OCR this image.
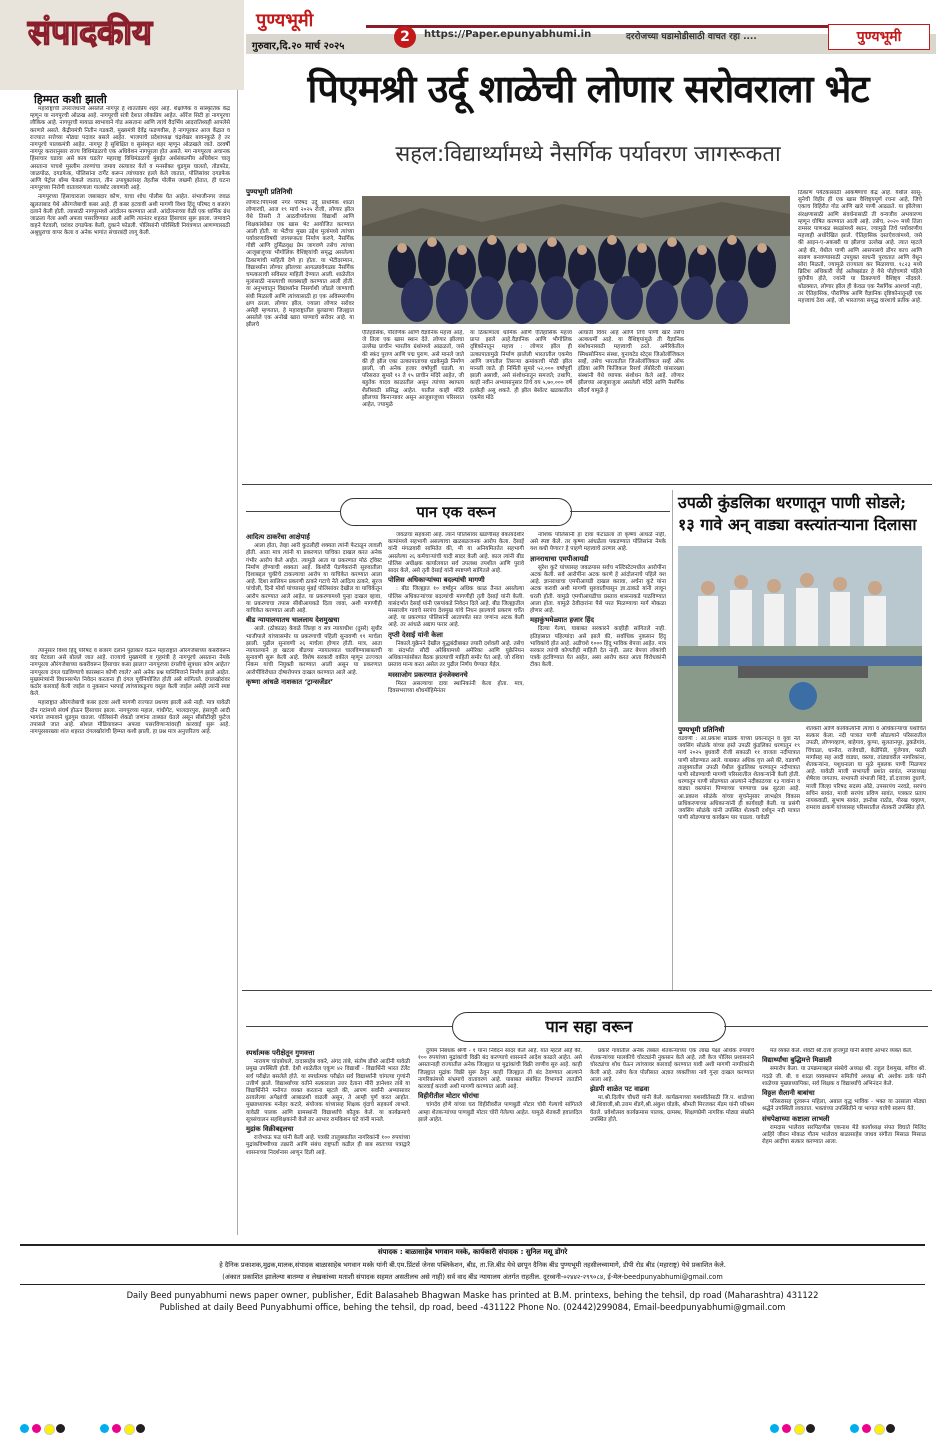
संपादकीय	पुण्यभूमी
गुरुवार,दि.२० मार्च २०२५
2	https://Paper.epunyabhumi.in	दररोजच्या घडामोडीसाठी वाचत रहा ....	पुण्यभूमी
हिम्मत कशी झाली

महाराष्ट्राची उपराजधानी असलेले नागपूर हे शांततप्रिय शहर आहे. शैक्षणिक व सांस्कृतिक केंद्र म्हणून या नागपूरची ओळख आहे. नागपूरची संत्री देशात लोकप्रिय आहेत. ऑरेंज सिटी हा नागपूरचा लौकिक आहे. नागपूरची मायाळ स्वभावाने गोड असताना आणि त्यांचे वैदर्भिय आदरातिथ्यही आपलेसे करणारे असते. केंद्रीयमंत्री नितीन गडकरी, मुख्यमंत्री देवेंद्र फडणवीस, हे नागपूरकर आज केंद्रात व राज्यात सत्तेच्या मोठ्या पदावर बसले आहेत. भाजपाचे प्रदेशाध्यक्ष चंद्रशेखर बावनकुळे हे तर नागपूरचे पालकमंत्री आहेत. नागपूर हे सुशिक्षित व सुसंस्कृत शहर म्हणून ओळखले जाते. दरवर्षी नागपूर करारानुसार राज्य विधिमंडळाचे एक अधिवेशन नागपूरला होत असते. मग नागपूरला अचानक हिंसाचार घडावा असे काय घडले? महाराष्ट्र विधिमंडळाचे मुंबईत अर्थसंकल्पीय अधिवेशन चालू असताना पाचशे मुस्लीम तरुणांचा जमाव रस्त्यावर येतो व मनसोक्त धुडगूस घालतो, तोडफोड, जाळपोळ, दगडफेक, पोलिसांना टार्गेट करून त्यांच्यावर हल्ले केले जातात, पोलिसांवर दगडफेक आणि पेट्रोल बॉम्ब फेकले जातात, तीन उपायुक्तांसह तेहतीस पोलीस जखमी होतात, ही घटना नागपूरच्या निरोगी वातावरणाला गालबोट लावणारी आहे.

नागपूरच्या हिंसाचाराला जबाबदार कोण, याचा शोध पोलीस घेत आहेत. संभाजीनगर जवळ खुलताबाद येथे औरंगजेबाची कबर आहे. ही कबर हटवावी अशी मागणी विश्व हिंदू परिषद व बजरंग दलाने केली होती. त्यासाठी नागपूरमध्ये आंदोलन करण्यात आले. आंदोलनाच्या वेळी एक धार्मिक ग्रंथ जाळला गेला अशी अफवा पसरविण्यात आली आणि त्यानंतर शहरात हिंसाचार सुरू झाला. जमावाने वाहने पेटवली, घरांवर दगडफेक केली, दुकाने फोडली. पोलिसांनी परिस्थिती नियंत्रणात आणण्यासाठी अश्रुधुराचा वापर केला व अनेक भागांत संचारबंदी लागू केली.

त्यानुसार विश्व हिंदू परिषद व बजरंग दलाने पुढाकार घेऊन महाराष्ट्रात औरंगजेबाच्या कबरीवरून वाद पेटवला असे बोलले जात आहे. राज्याचे मुख्यमंत्री व गृहमंत्री हे नागपूरचे असताना नेमके नागपूरला औरंगजेबाच्या कबरीवरून हिंसाचार कसा झाला? नागपूरच्या दंगलीचे सूत्रधार कोण आहेत? नागपूरला दंगल घडविण्याचे कारस्थान कोणी रचले? असे अनेक प्रश्न यानिमित्ताने निर्माण झाले आहेत. मुख्यमंत्र्यांनी विधानसभेत निवेदन करताना ही दंगल पूर्वनियोजित होती असे सांगितले. दंगलखोरांवर कठोर कारवाई केली जाईल व नुकसान भरपाई त्यांच्याकडूनच वसूल केली जाईल असेही त्यांनी स्पष्ट केले.

महाराष्ट्रात औरंगजेबाची कबर हटवा अशी मागणी राज्यात प्रथमच झाली असे नाही. मात्र यावेळी दोन गटांमध्ये संघर्ष होऊन हिंसाचार झाला. नागपूरच्या महाल, गांधीगेट, भालदारपुरा, हंसापुरी आदी भागांत जमावाने धुडगूस घातला. पोलिसांनी शेकडो जणांना ताब्यात घेतले असून सीसीटीव्ही फुटेज तपासले जात आहे. सोशल मीडियावरून अफवा पसरविणाऱ्यांवरही कारवाई सुरू आहे. नागपूरसारख्या शांत शहरात दंगलखोरांची हिम्मत कशी झाली, हा प्रश्न मात्र अनुत्तरितच आहे.

पिएमश्री उर्दू शाळेची लोणार सरोवराला भेट
सहल:विद्यार्थ्यांमध्ये नैसर्गिक पर्यावरण जागरूकता
पुण्यभूमी प्रतिनिधी
लोणार:पिएमश्री नगर परिषद उर्दू प्राथमिक शाळा लोणारची, आज १९ मार्च २०२५ रोजी, लोणार झील येथे तिसरी ते आठवीपर्यंतच्या विद्यार्थी आणि शिक्षकांसोबत एक खास भेट आयोजित करण्यात आली होती. या भेटीचा मुख्य उद्देश मुलांमध्ये त्यांच्या पर्यावरणाविषयी जागरूकता निर्माण करणे, नैसर्गिक गोष्टी आणि दुर्मिळवृक्ष प्रेम जागवणे तसेच त्यांच्या आजूबाजूच्या भौगोलिक वैशिष्ट्यांची समृद्ध असलेल्या ठिकाणांची माहिती देणे हा होता. या भेटीदरम्यान, विद्यार्थ्यांना लोणार झीलच्या आगळ्यावेगळ्या नैसर्गिक चमत्काराची सविस्तर माहिती देण्यात आली. शाळेतील मुलांसाठी नास्त्याची व्यवस्थाही करण्यात आली होती. या अनुभवातून विद्यार्थ्यांना निसर्गाशी जोडले जाण्याची संधी मिळाली आणि त्यांच्यासाठी हा एक अविस्मरणीय क्षण ठरला. लोणार झील, ज्याला लोणार सरोवर असेही म्हणतात, हे महाराष्ट्रातील बुलढाणा जिल्ह्यात असलेले एक अनोखे खारा पाण्याचे सरोवर आहे. या झीलचे
ऐतिहासिक, पौराणिक आणि वैज्ञानिक महत्त्व आहे, जे तिला एक खास स्थान देते. लोणार झीलचा उल्लेख प्राचीन भारतीय ग्रंथांमध्ये आढळतो, जसे की स्कंद पुराण आणि पद्म पुराण. असे मानले जाते की ही झील एका उल्कापाताच्या धडकेमुळे निर्माण झाली, जी अनेक हजार वर्षांपूर्वी घडली. या परिसरात सुमारे १२ ते १५ प्राचीन मंदिरे आहेत, जी बहुतेक यादव काळातील असून त्यांच्या स्थापत्य शैलीसाठी प्रसिद्ध आहेत. यातील काही मंदिरे झीलच्या किनाऱ्यावर असून आजूबाजूच्या परिसरात आहेत, ज्यामुळे
या ठिकाणाला धार्मिक आणि ऐतिहासिक महत्त्व प्राप्त झाले आहे.वैज्ञानिक आणि भौगोलिक दृष्टिकोनातून महत्त्व : लोणार झील ही उल्कापातामुळे निर्माण झालेली भारतातील एकमेव आणि जगातील तिसऱ्या क्रमांकाची मोठी झील मानली जाते. ही निर्मिती सुमारे ५२,००० वर्षांपूर्वी झाली असावी, असे संशोधनातून समजते; तथापि, काही नवीन अभ्यासानुसार तिचे वय ५,७०,००० वर्षे इतकेही असू शकते. ही झील बेसॉल्ट खडकातील एकमेव मोठे
आघाती विवर आहे आणि तिचे पाणी खारे तसेच अल्कधर्मी आहे. या वैशिष्ट्यांमुळे ती वैज्ञानिक संशोधनासाठी महत्त्वाची ठरते. अमेरिकेतील स्मिथसोनियन संस्था, युनायटेड स्टेट्स जिओलॉजिकल सर्व्हे, तसेच भारतातील जिओलॉजिकल सर्व्हे ऑफ इंडिया आणि फिजिकल रिसर्च लॅबोरेटरी यांसारख्या संस्थांनी येथे व्यापक संशोधन केले आहे. लोणार झीलच्या आजूबाजूला असलेली मंदिरे आणि नैसर्गिक सौंदर्य यामुळे हे
ठिकाण पर्यटकांसाठी आकर्षणाचे केंद्र आहे. येथील सासू-सुनेची विहीर ही एक खास वैशिष्ट्यपूर्ण रचना आहे, जिचे एकाच विहिरीत गोड आणि खारे पाणी आढळते. या झीलेच्या संरक्षणासाठी आणि संवर्धनासाठी ती वन्यजीव अभयारण्य म्हणून घोषित करण्यात आली आहे. तसेच, २०२० मध्ये तिला रामसर पाणथळ स्थळांमध्ये स्थान, ज्यामुळे तिचे पर्यावरणीय महत्त्वही अधोरेखित झाले. ऐतिहासिक दस्तऐवजांमध्ये, जसे की आइन-ए-अकबरी या झीलचा उल्लेख आहे. त्यात म्हटले आहे की, येथील पाणी आणि आसपासचे डोंगर काच आणि साबण बनवण्यासाठी उपयुक्त साधनी पुरवतात आणि येथून सोरा मिळतो, ज्यामुळे राज्याला कर मिळायचा. १८२३ मध्ये ब्रिटिश अधिकारी जेई अलेक्झांडर हे येथे पोहोचणारे पहिले युरोपीय होते, ज्यांनी या ठिकाणाचे वैशिष्ट्य नोंदवले. थोडक्यात, लोणार झील ही केवळ एक नैसर्गिक आश्चर्य नाही, तर ऐतिहासिक, पौराणिक आणि वैज्ञानिक दृष्टिकोनातूनही एक महत्त्वाचं ठेवा आहे, जो भारताच्या समृद्ध वारशाचे प्रतीक आहे.
पान एक वरून
आदित्य ठाकरेंचा आक्षेपार्ह

आला होता, तेव्हा आरी कुठलीही शक्यता त्यांनी फेटाळून लावली होती. आता मात्र त्यांनी या प्रकरणात याचिका दाखल करत अनेक गंभीर आरोप केले आहेत. त्यामुळे आता या प्रकरणात मोठं ट्विस्ट निर्माण होण्याची शक्यता आहे. किशोरी पेडणेकरांनी सुरुवातीला दिशाबद्दल चुकीचे टाकल्याचा आरोप या याचिकेत करण्यात आला आहे. दिशा सालियन प्रकरणी ठाकरे गटाचे नेते आदित्य ठाकरे, सूरज पांचोली, दिनो मोर्या यांच्यासह मुंबई पोलिसांवर देखील या याचिकेतून आरोप करण्यात आले आहेत. या प्रकरणामध्ये पुन्हा दाखल व्हावा, या प्रकरणाचा तपास सीबीआयकडे दिला जावा, अशी मागणीही याचिकेत करण्यात आली आहे.

बीड न्यायालयातच चाललाय देशमुखचा

आले. (ठोकाळ) केवळे जिल्हा व सत्र न्यायाधीश (दुसरे) सुधीर भाजीपाले यांच्यासमोर या प्रकरणाची पहिली सुनावणी ११ मार्चला झाली. पुढील सुनावणी २६ मार्चला होणार होती. मात्र, आता न्यायालयाने हा खटला बीडच्या न्यायालयात चालविण्याबाबतची सुनावणी सुरू केली आहे. विशेष सरकारी वकील म्हणून उज्ज्वल निकम यांची नियुक्ती करण्यात आली असून या प्रकरणात आरोपींविरोधात दोषारोपपत्र दाखल करण्यात आले आहे.

कृष्णा आंधळे नाशकात ‘ट्रान्सजेंडर’

जवळचा सहकारी आहे. त्याने पोलिसांवर खंडणीसह बेकायदेशीर कामांमध्ये सहभागी असल्याचा खळबळजनक आरोप केला. देसाई यांनी मंगळवारी सामितेत की, मी या अनियमिततेत सहभागी असलेल्या २६ कर्मचाऱ्यांची यादी सादर केली आहे. काल त्यांनी बीड पोलिस अधीक्षक कार्यालयात सर्व उपलब्ध तपशील आणि पुरावे सादर केले, असे तृती देसाई यांनी स्पष्टपणे सांगितले आहे.

पोलिस अधिकाऱ्यांच्या बदल्यांची मागणी

: बीड जिल्ह्यात १० वर्षांहून अधिक काळ तैनात असलेल्या पोलिस अधिकाऱ्यांच्या बदल्यांची मागणीही तृती देसाई यांनी केली. यासंदर्भात देसाई यांनी एसपांकडे निवेदन दिले आहे. बीड जिल्ह्यातील मस्साजोग गावचे सरपंच देशमुख यांचे निधन झाल्याचे प्रकरण चर्चेत आहे. या प्रकरणात पोलिसांनी आतापर्यंत सात जणांना अटक केली आहे. तर आंधळे अद्याप फरार आहे.

तृप्ती देसाई यांनी केला

निकाले.युक्रेनने देखील युद्धबंदीबाबत तयारी दर्शवली आहे. तसेच या संदर्भात सौदी अरेबियामध्ये अमेरिका आणि युक्रेनियन अधिकाऱ्यांसोबत बैठक झाल्याची माहिती समोर येत आहे. जो रशिया प्रस्ताव मान्य करत असेल तर पुढील निर्णय घेण्यात येईल.

मस्साजोग प्रकरणात इंनजेक्शनचे

मिरत असल्याचा दावा स्थानिकांनी केला होता. मात्र, दिवसभराच्या शोधमोहिमेनंतर

नाशिक पोलिसांनी हा दावा फेटाळला तो कृष्णा आंधळे नाही, असे स्पष्ट केले. तर कृष्णा आंधळेला पकडण्यात पोलिसांना नेमके यश कधी येणार? हे पाहणे महत्त्वाचे ठरणार आहे.

ज्ञानराधाचा एमपीआयडी

सुरेश कुटे यांच्यासह जवळपास सर्वच मल्टिस्टेटमधील आरोपींना अटक केली. सर्व आरोपींना अटक करणे हे आंदोलनाचे पहिले यश आहे. ज्ञानराधाचा एमपीआयडी दाखल करावा, अर्चना कुटे यांना अटक करावी अशी मागणी सुरुवातीपासून ज्ञा.ठाकडे यांनी लावून धरली होती. यामुळे एमपीआयडीचा प्रस्ताव शासनाकडे पाठविण्यात आला होता. यामुळे ठेवीदारांना पैसे परत मिळण्याचा मार्ग मोकळा होणार आहे.

महाकुंभमेळ्यात हजार हिंद

दिल्या गेल्या, याबाबत सरकारने काहीही सांगितले नाही. इतिहासात पहिल्यांदा असे झाले की, सर्वाधिक नुकसान हिंदू भाविकांचे होत आहे. अडीचशे १००० हिंदू भाविक बेपत्ता आहेत. मात्र सरकार त्यांची कोणतीही माहिती देत नाही. उलट बेपत्ता लोकांची पत्रके हटविण्यात येत आहेत, असा आरोप करत आता विरोधकांनी टीका केली.

उपळी कुंडलिका धरणातून पाणी सोडले; १३ गावे अन् वाड्या वस्त्यांतऱ्याना दिलासा
पुण्यभूमी प्रतिनिधी
वडवणी : आ.प्रकाश सोळंके यांच्या प्रयत्नातून व युवा नेते जयसिंग सोळंके यांच्या हस्ते उपळी कुंडलिका धरणातून १९ मार्च २०२५ बुधवारी रोजी सकाळी ११ वाजता नदीपात्रात पाणी सोडण्यात आले. याबाबत अधिक वृत्त असे की, वडवणी तालुक्यातील उपळी येथील कुंडलिका धरणातून नदीपात्रात पाणी सोडण्याची मागणी परिसरातील शेतकऱ्यांनी केली होती. धरणातून पाणी सोडण्यात आल्याने नदीकाठच्या १३ गावांना व वाड्या वस्त्यांना पिण्याच्या पाण्याचा प्रश्न सुटला आहे. आ.प्रकाश सोळंके यांच्या सूचनेनुसार लाभक्षेत्र विकास प्राधिकरणाच्या अधिकाऱ्यांनी ही कार्यवाही केली. या प्रसंगी जयसिंग सोळंके यांनी उपस्थित शेतकरी दर्शवून नदी पात्रात पाणी सोडण्याचा कार्यक्रम पार पाडला. यावेळी
शेतकरी आणि कार्यकर्त्यांनी त्यांचा व अधिकाऱ्यांचा यथोचित सत्कार केला. नदी पात्रात पाणी सोडल्याने परिसरातील उपळी, लोणगव्हाण, बाहेगाव, कुप्पा, सुलतानपूर, डुकडेगांव, चिंचाळा, धानोरा, राजेवाडी, केडेपिंप्री, पुंजेगाव, परळी मार्गांसह सह आदी वाड्या, वस्त्या, तांड्यावरील नागरिकांना, शेतकऱ्यांना, पशुधनाला या मुळे मुबलक पाणी मिळणार आहे. यावेळी माजी सभापती प्रशांत सावंत, नगराध्यक्ष शेषेराव जगताप, सभापती संभाजी शिंदे, डॉ.दत्तात्रय दुधाणे, माजी जिल्हा परिषद सदस्य ओढे, उपसरपंच नरवडे, सरपंच सचिन सावंत, माजी सरपंच प्रविण सावंत, पत्रकार प्रताप नायकवाडी, सुभाष सावंत, ज्ञानोबा राठोड, गोरख चव्हाण, रामराव ढाकणे यांच्यासह परिसरातील शेतकरी उपस्थित होते.
पान सहा वरून
स्पर्धात्मक परीक्षेतून गुणवत्ता

नारायण चांदबोधले, दादासाहेब वकरे, अंगद तांबे, संतोष डोंबरे आदींनी यावेळी प्रमुख उपस्थिती होती. देशी शाळेतील एकूण ४२ विद्यार्थी - विद्यार्थिनी भारत टॅलेंट सर्च परीक्षेत बसलेले होते. या स्पर्धात्मक परीक्षेत सर्व विद्यार्थ्यांनी चांगल्या गुणांनी उत्तीर्ण झाले. विद्यार्थ्यांच्या वतीने सत्काराला उत्तर देताना मीरी ज्ञानेश्वर तांबे या विद्यार्थिनीने मनोगत व्यक्त करताना म्हटले की, आपण सर्वांनी अभ्यासावर ठरवलेल्या अपेक्षांची आबाळशी वाढली असून, ते आम्ही पूर्ण करत आहोत. मुख्याध्यापक मनोहर कटारे, संयोजक यांच्यासह शिक्षक वृंदाचे सहकार्य लाभले. यावेळी पालक आणि ग्रामस्थांनी विद्यार्थ्यांचे कौतुक केले. या कार्यक्रमाचे सूत्रसंचालन सहशिक्षकांनी केले तर आभार रामकिशन घटे यांनी मानले.

मुद्रांक विक्रीबद्दलचा

राजेभाऊ फड यांनी केली आहे. पत्रकी तालुक्यातील नागरिकांनी १०० रुपयांच्या मुद्रांकविषयीच्या तक्रारी आणि संबंध राष्ट्रपती कडील ही बाब स्वतःच्या पत्राद्वारे शासनाच्या निदर्शनास आणून दिली आहे.

दुय्यम निबंधक श्रेणी - १ यांना निवेदन सादर केले आहे. यात म्हटले आहे की, १०० रुपयांच्या मुद्रांकांची विक्री बंद करण्याचे शासनाने आदेश काढले आहेत. असे असतानाही राज्यातील अनेक जिल्ह्यात या मुद्रांकांची विक्री जाणीव सुरु आहे. काही जिल्ह्यात मुद्रांक विक्री सुरू ठेवून काही जिल्ह्यात ती बंद ठेवण्यात आल्याने नागरिकांमध्ये संभ्रमाचे वातावरण आहे. याबाबत संबंधित विभागाने तातडीने कारवाई करावी अशी मागणी करण्यात आली आहे.

विहीरीतील मोटार चोरांचा

चांगदेव होणे यांच्या घरा विहीरीवरील पाणबुडी मोटार चोरी गेल्याचे सांगितले आम्हा शेतकऱ्यांच्या पाणबुडी मोटार चोरी गेलेल्या आहेत. यामुळे शेतकरी हवालदिल झाले आहेत.

प्रकारे गावातील अनेक तब्बल शेतकऱ्यांच्या एक लाख पेक्षा अधिक रुपयांचे शेतकऱ्यांच्या मालकीचे चोरट्यांनी नुकसान केले आहे. तरी केज पोलिस प्रशासनाने चोरट्यांचा शोध घेऊन त्यांच्यावर कारवाई करण्यात यावी अशी मागणी नागरिकांनी केली आहे. तसेच केज पोलीसात अज्ञात व्यक्तींच्या नावे गुन्हा दाखल करण्यात आला आहे.

झेडपी शाळेत पट वाढवा

मा.श्री.दिलीप चौधरी यांनी केले. कार्यक्रमाच्या यशस्वीतेसाठी जि.प. शाळेच्या श्री.शिवाजी,श्री.उत्तम शेंडगे,श्री.अंकुश घोडके, श्रीमती मिरजकर मॅडम यांनी परिश्रम घेतले. प्रवेशोत्सव कार्यक्रमास पालक, ग्रामस्थ, शिक्षणप्रेमी नागरिक मोठ्या संख्येने उपस्थित होते.

मत व्यक्त केले. शेवटी श्री.दत्ता हाजगुडे यांनी सर्वांचे आभार व्यक्त केले.

विद्यार्थ्यांचा बुद्धिमत्ते मिळाली

समारोप केला. या उपक्रमाबद्दल संस्थेचे अध्यक्ष श्री. राहुल देशमुख, सचिव श्री. गदळे जी. बी. व शाळा व्यवस्थापन समितीचे अध्यक्ष श्री. अशोक डाके यांनी शाळेच्या मुख्याध्यापिका, सर्व शिक्षक व विद्यार्थ्यांचे अभिनंदन केले.

विठ्ठल सैलानी बाबांचा

परिसरासह दूरवरून महिला, अबाल वृद्ध भाविक - भक्त या उरसाला मोठ्या श्रद्धेने उपस्थिती लावतात. भक्तांच्या उपस्थितीने या भागात यात्रेचे स्वरूप येते.

संचपेक्षाच्या कष्टाला लाभली

रामदास भालेराव सरपिठणीस एकनाथ मेडे कार्याध्यक्ष संपत विघाते मिलिंद आहिरे जीवन मोकळ गौतम भालेराव बाळासाहेब जाधव संगीता मिसाळ मिसाळ रोहम आदींचा सत्कार करण्यात आला.

संपादक : बाळासाहेब भगवान मस्के, कार्यकारी संपादक : सुनिल मसू डोंगरे
हे दैनिक प्रकाशक,मुद्रक,मालक,संपादक बाळासाहेब भगवान मस्के यांनी बी.एम.प्रिंटर्स जेनस पब्लिकेशन, बीड, ता.जि.बीड येथे छापून दैनिक बीड पुण्यभूमी तहसीलच्यामागे, डीपी रोड बीड (महाराष्ट्र) येथे प्रकाशित केले.
(अंकात प्रकाशित झालेल्या बातम्या व लेखकांच्या मताशी संपादक सहमत असतीलच असे नाही) सर्व वाद बीड न्यायालय अंतर्गत राहतील. दूरध्वनी-०२४४२-२९९०८४, ई-मेल-beedpunyabhumi@gmail.com
Daily Beed punyabhumi news paper owner, publisher, Edit Balasaheb Bhagwan Maske has printed at B.M. printexs, behing the tehsil, dp road (Maharashtra) 431122
Published at daily Beed Punyabhumi office, behing the tehsil, dp road, beed -431122 Phone No. (02442)299084, Email-beedpunyabhumi@gmail.com
